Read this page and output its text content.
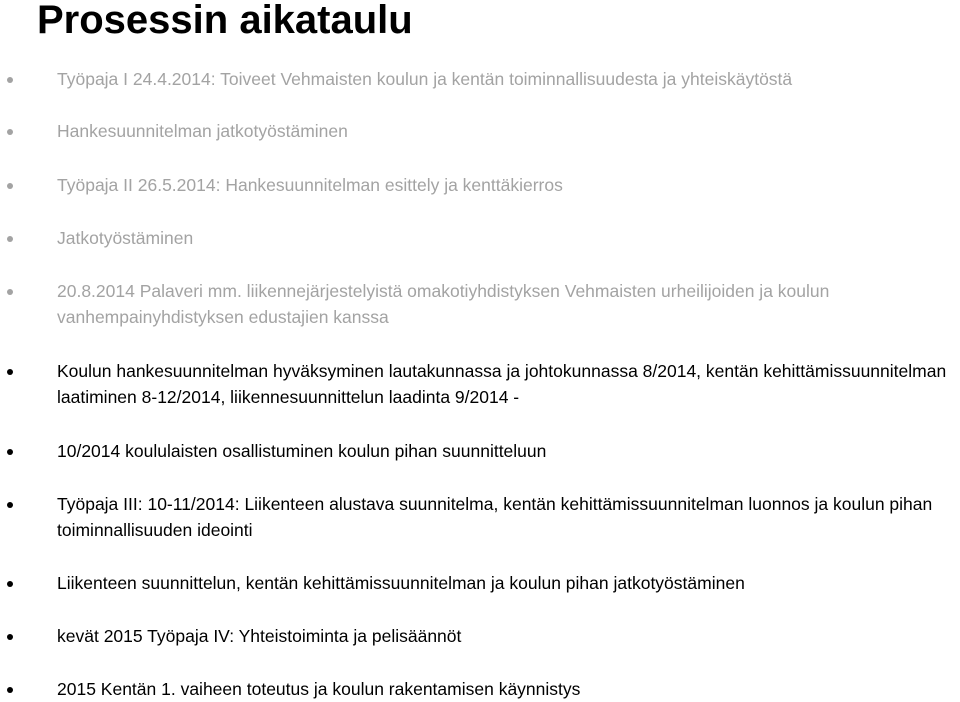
Prosessin aikataulu
Työpaja I 24.4.2014: Toiveet Vehmaisten koulun ja kentän toiminnallisuudesta ja yhteiskäytöstä
Hankesuunnitelman jatkotyöstäminen
Työpaja II 26.5.2014: Hankesuunnitelman esittely ja kenttäkierros
Jatkotyöstäminen
20.8.2014 Palaveri mm. liikennejärjestelyistä omakotiyhdistyksen Vehmaisten urheilijoiden ja koulun vanhempainyhdistyksen edustajien kanssa
Koulun hankesuunnitelman hyväksyminen lautakunnassa ja johtokunnassa 8/2014, kentän kehittämissuunnitelman laatiminen 8-12/2014, liikennesuunnittelun laadinta 9/2014 -
10/2014 koululaisten osallistuminen koulun pihan suunnitteluun
Työpaja III: 10-11/2014: Liikenteen alustava suunnitelma, kentän kehittämissuunnitelman luonnos ja koulun pihan toiminnallisuuden ideointi
Liikenteen suunnittelun, kentän kehittämissuunnitelman ja koulun pihan jatkotyöstäminen
kevät 2015 Työpaja IV: Yhteistoiminta ja pelisäännöt
2015 Kentän 1. vaiheen toteutus ja koulun rakentamisen käynnistys
